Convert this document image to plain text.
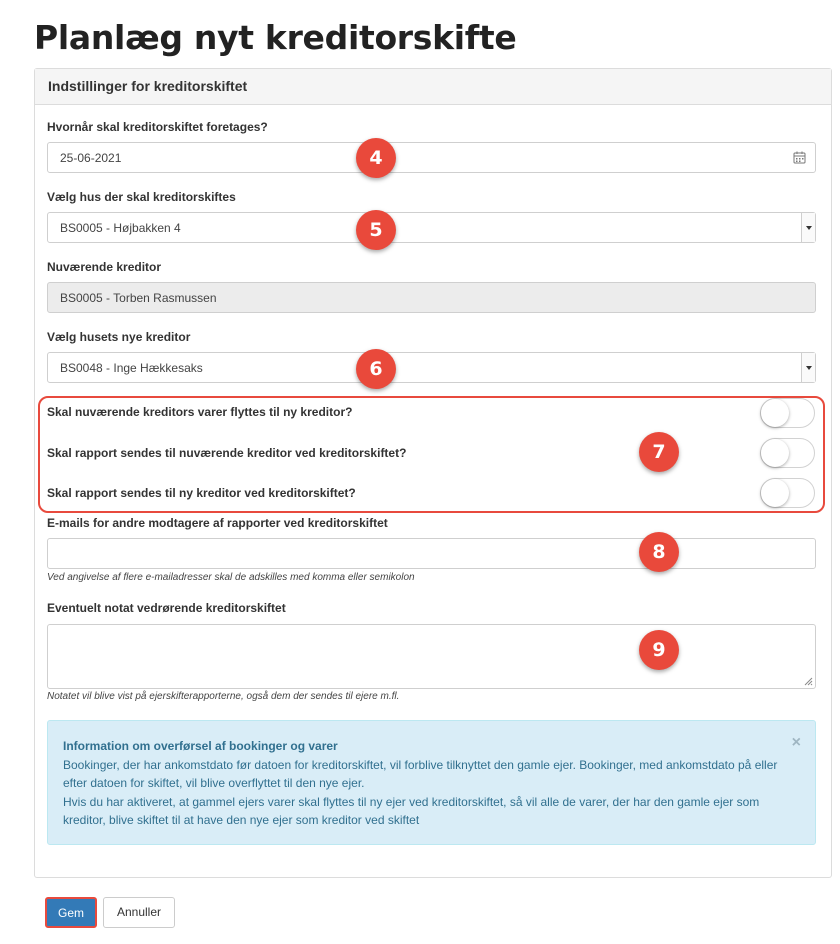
Planlæg nyt kreditorskifte
Indstillinger for kreditorskiftet
Hvornår skal kreditorskiftet foretages?
25-06-2021
Vælg hus der skal kreditorskiftes
BS0005 - Højbakken 4
Nuværende kreditor
BS0005 - Torben Rasmussen
Vælg husets nye kreditor
BS0048 - Inge Hækkesaks
Skal nuværende kreditors varer flyttes til ny kreditor?
Skal rapport sendes til nuværende kreditor ved kreditorskiftet?
Skal rapport sendes til ny kreditor ved kreditorskiftet?
E-mails for andre modtagere af rapporter ved kreditorskiftet
Ved angivelse af flere e-mailadresser skal de adskilles med komma eller semikolon
Eventuelt notat vedrørende kreditorskiftet
Notatet vil blive vist på ejerskifterapporterne, også dem der sendes til ejere m.fl.
Information om overførsel af bookinger og varer
Bookinger, der har ankomstdato før datoen for kreditorskiftet, vil forblive tilknyttet den gamle ejer. Bookinger, med ankomstdato på eller efter datoen for skiftet, vil blive overflyttet til den nye ejer.
Hvis du har aktiveret, at gammel ejers varer skal flyttes til ny ejer ved kreditorskiftet, så vil alle de varer, der har den gamle ejer som kreditor, blive skiftet til at have den nye ejer som kreditor ved skiftet
×
Gem	Annuller
4
5
6
7
8
9
